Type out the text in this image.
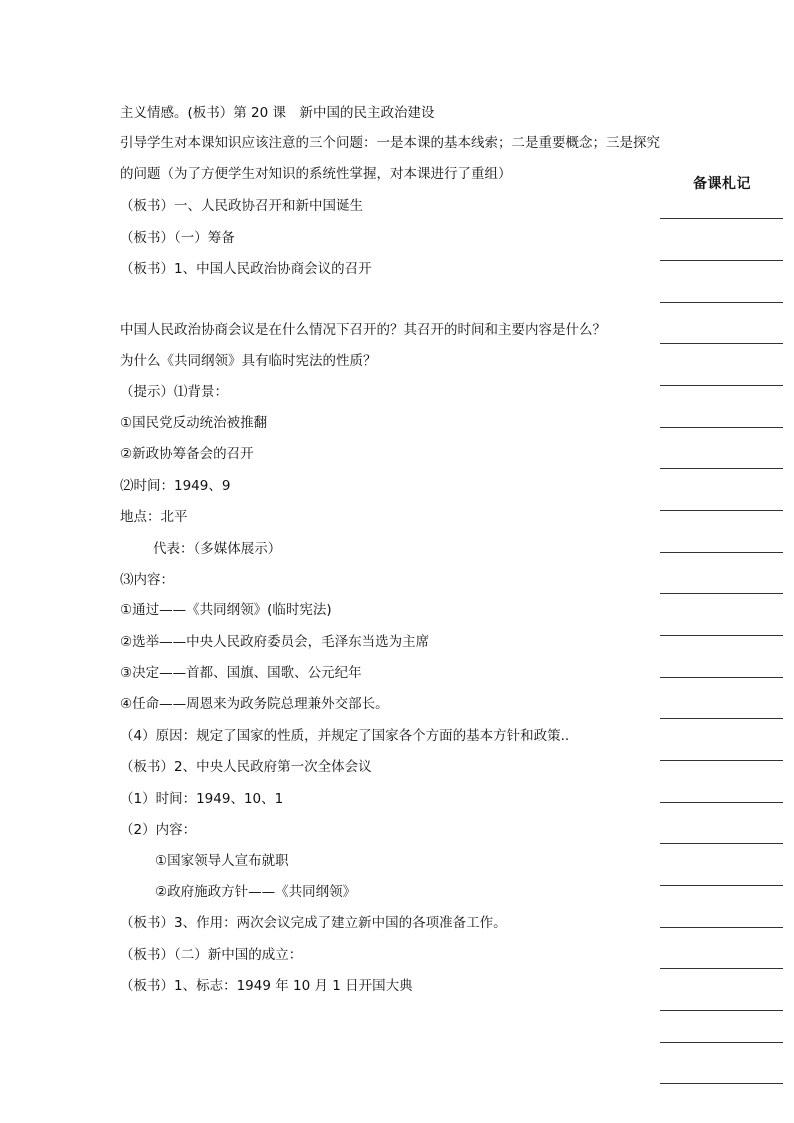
主义情感。(板书）第 20 课　新中国的民主政治建设
引导学生对本课知识应该注意的三个问题：一是本课的基本线索；二是重要概念；三是探究
的问题（为了方便学生对知识的系统性掌握，对本课进行了重组）
（板书）一、人民政协召开和新中国诞生
（板书）（一）筹备
（板书）1、中国人民政治协商会议的召开
中国人民政治协商会议是在什么情况下召开的？其召开的时间和主要内容是什么？
为什么《共同纲领》具有临时宪法的性质？
（提示）⑴背景：
①国民党反动统治被推翻
②新政协筹备会的召开
⑵时间：1949、9
地点：北平
代表：（多媒体展示）
⑶内容：
①通过——《共同纲领》(临时宪法)
②选举——中央人民政府委员会，毛泽东当选为主席
③决定——首都、国旗、国歌、公元纪年
④任命——周恩来为政务院总理兼外交部长。
（4）原因：规定了国家的性质，并规定了国家各个方面的基本方针和政策..
（板书）2、中央人民政府第一次全体会议
（1）时间：1949、10、1
（2）内容：
①国家领导人宣布就职
②政府施政方针——《共同纲领》
（板书）3、作用：两次会议完成了建立新中国的各项准备工作。
（板书）（二）新中国的成立：
（板书）1、标志：1949 年 10 月 1 日开国大典
备课札记
